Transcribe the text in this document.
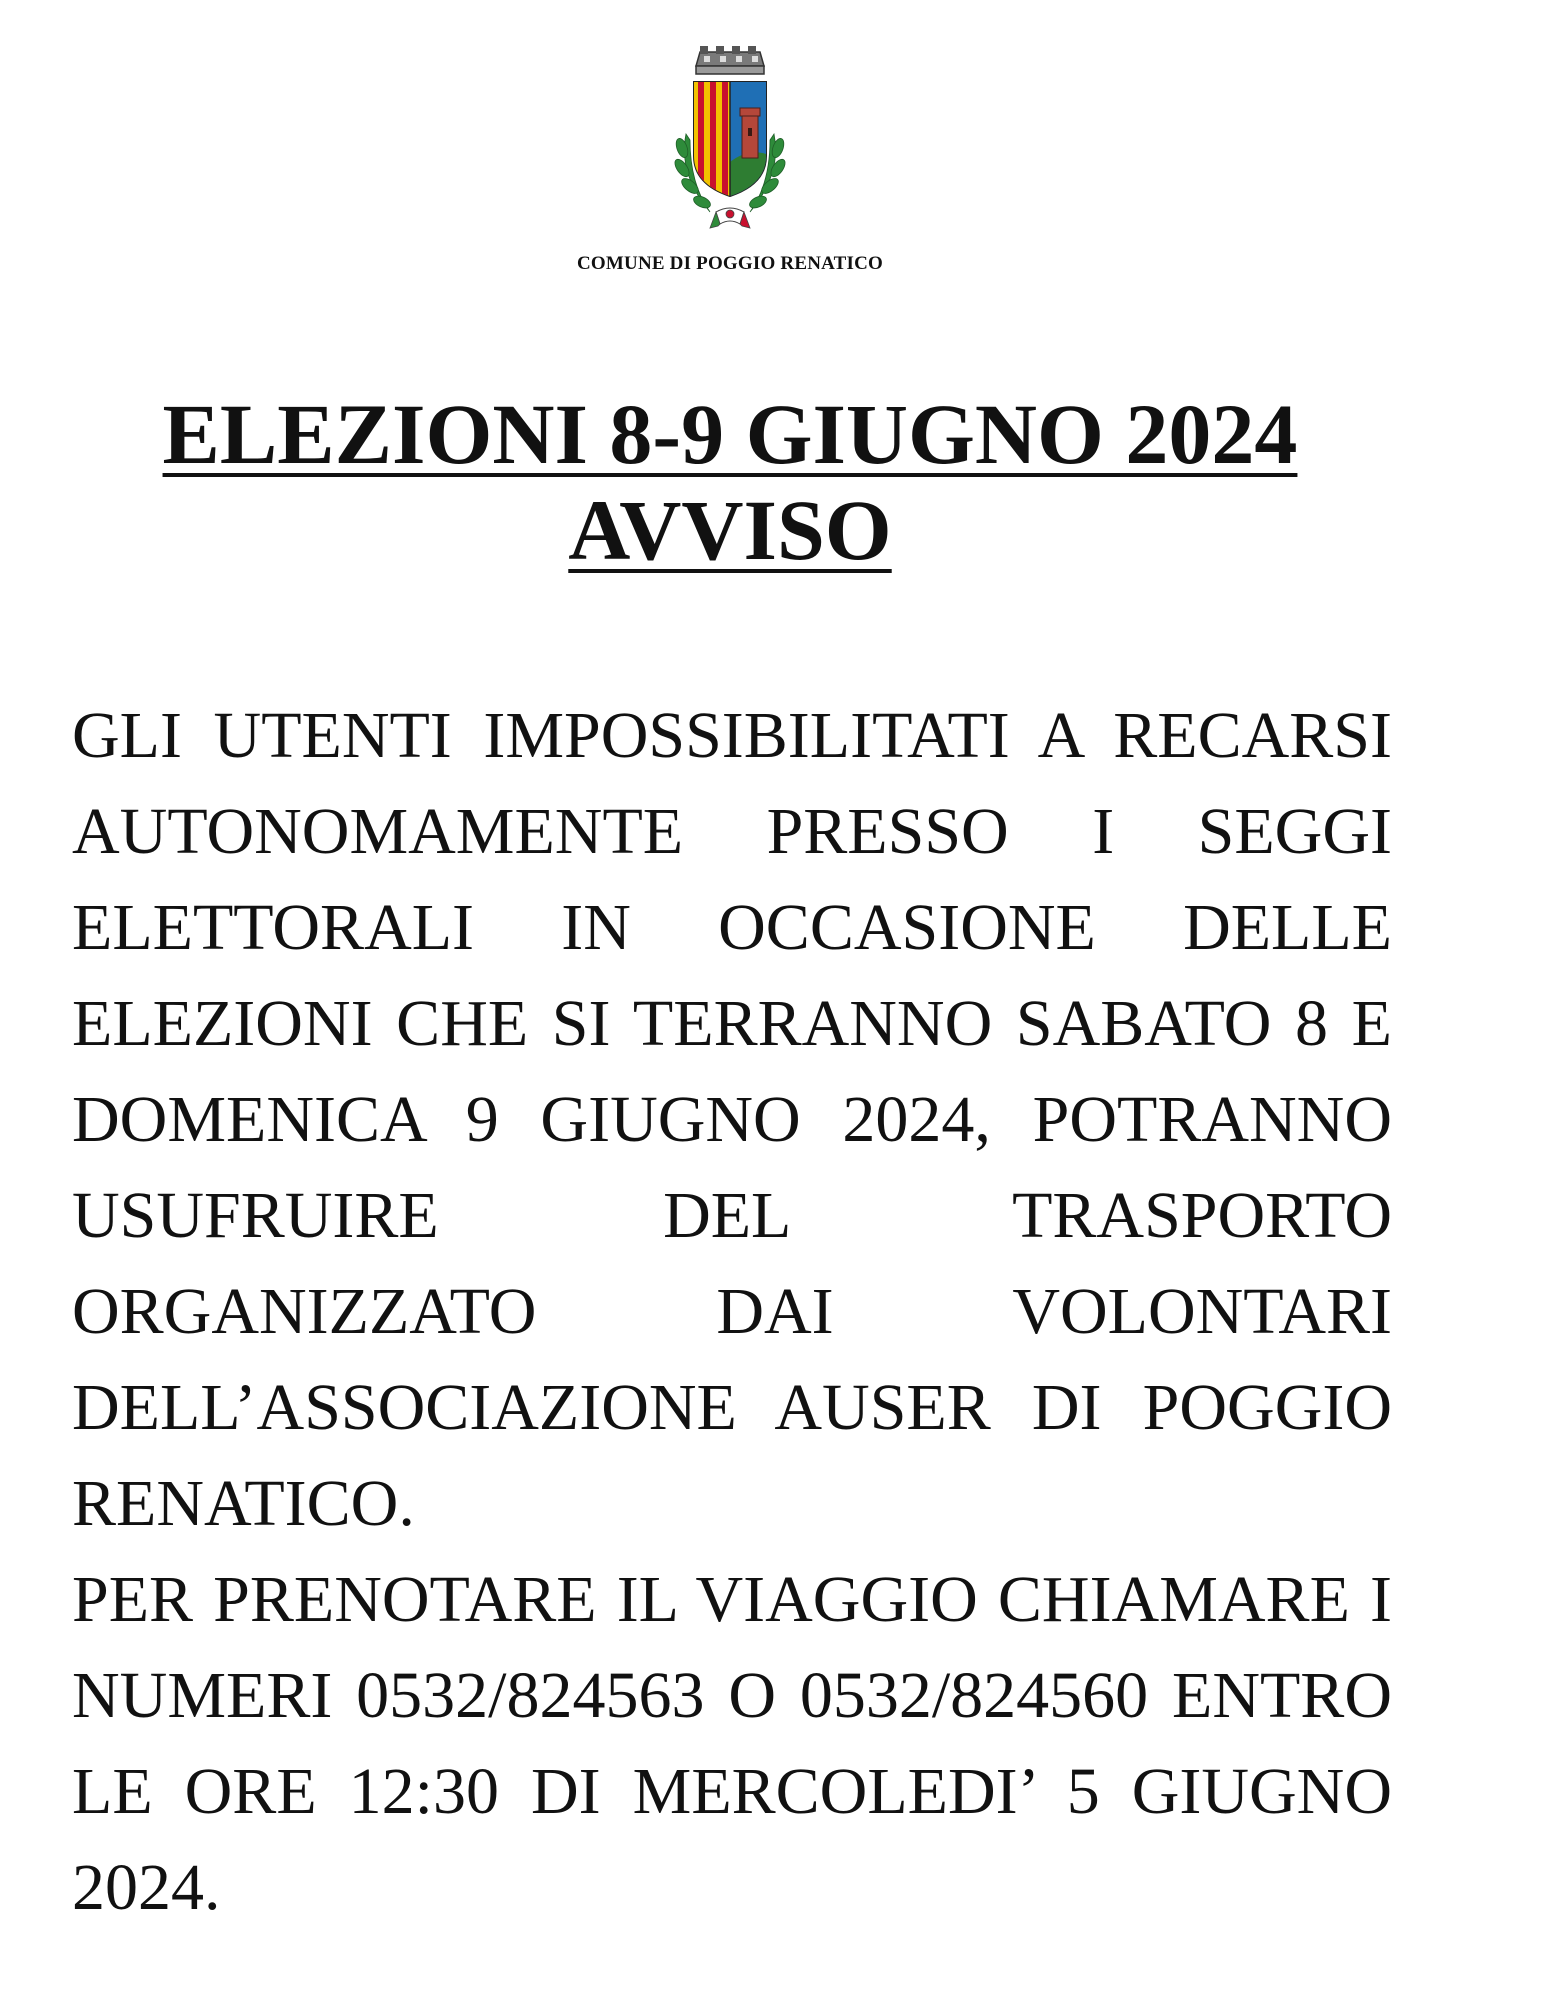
COMUNE DI POGGIO RENATICO
ELEZIONI 8-9 GIUGNO 2024
AVVISO

GLI UTENTI IMPOSSIBILITATI A RECARSI AUTONOMAMENTE PRESSO I SEGGI ELETTORALI IN OCCASIONE DELLE ELEZIONI CHE SI TERRANNO SABATO 8 E DOMENICA 9 GIUGNO 2024, POTRANNO USUFRUIRE DEL TRASPORTO ORGANIZZATO DAI VOLONTARI DELL’ASSOCIAZIONE AUSER DI POGGIO RENATICO.

PER PRENOTARE IL VIAGGIO CHIAMARE I NUMERI 0532/824563 O 0532/824560 ENTRO LE ORE 12:30 DI MERCOLEDI’ 5 GIUGNO 2024.
